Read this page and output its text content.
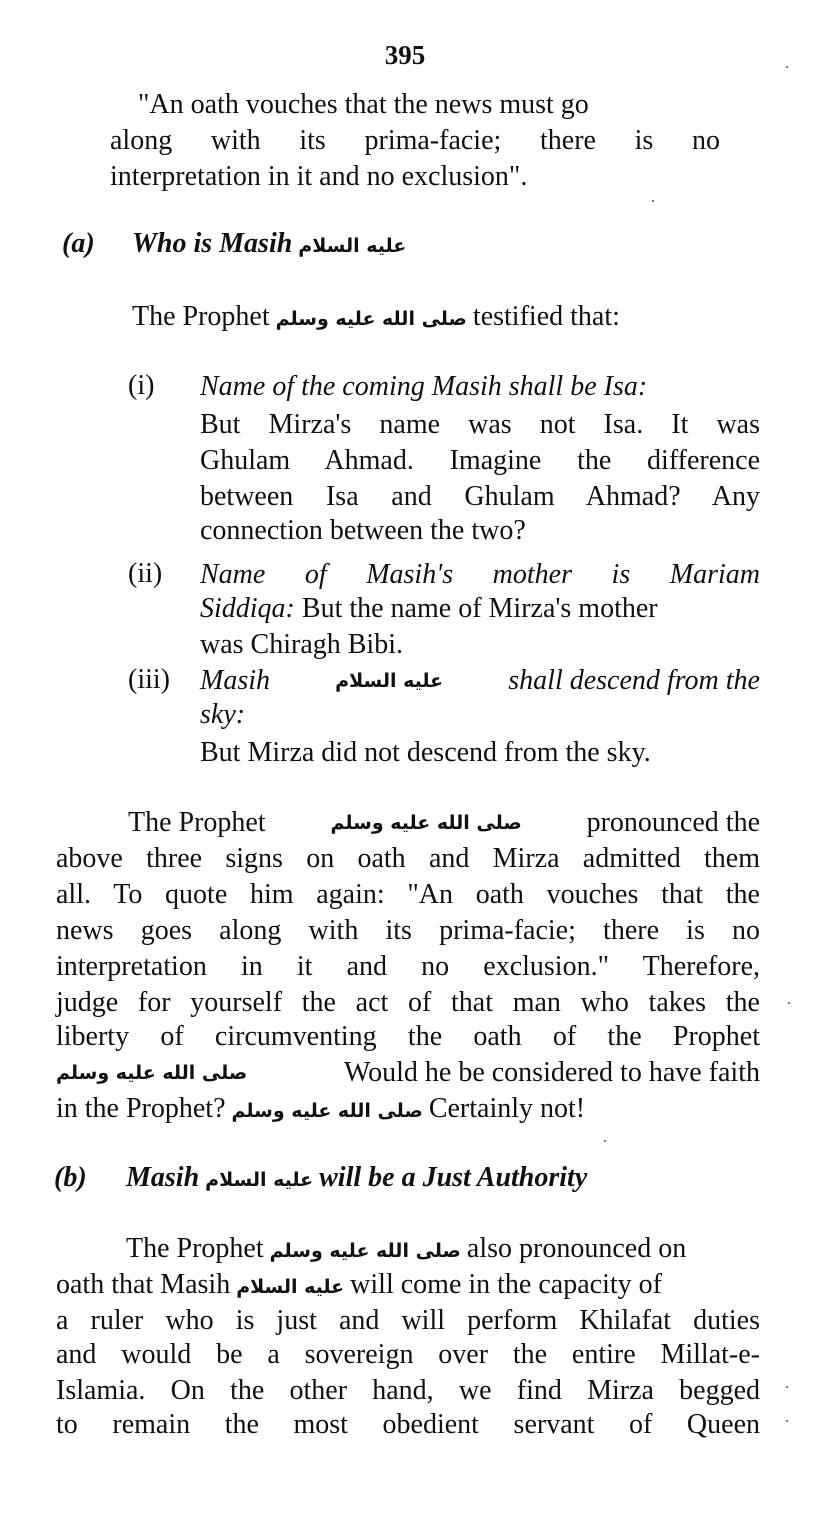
395
"An oath vouches that the news must go
along with its prima-facie; there is no
interpretation in it and no exclusion".
(a) Who is Masih عليه السلام
The Prophet صلى الله عليه وسلم testified that:
(i) Name of the coming Masih shall be Isa:
But Mirza's name was not Isa. It was
Ghulam Ahmad. Imagine the difference
between Isa and Ghulam Ahmad? Any
connection between the two?
(ii) Name of Masih's mother is Mariam
Siddiqa: But the name of Mirza's mother
was Chiragh Bibi.
(iii) Masih	عليه السلام shall descend from the
sky:
But Mirza did not descend from the sky.
The Prophet	صلى الله عليه وسلم pronounced the
above three signs on oath and Mirza admitted them
all. To quote him again: "An oath vouches that the
news goes along with its prima-facie; there is no
interpretation in it and no exclusion." Therefore,
judge for yourself the act of that man who takes the
liberty of circumventing the oath of the Prophet
صلى الله عليه وسلم	Would he be considered to have faith
in the Prophet? صلى الله عليه وسلم Certainly not!
(b) Masih عليه السلام will be a Just Authority
The Prophet صلى الله عليه وسلم also pronounced on
oath that Masih عليه السلام will come in the capacity of
a ruler who is just and will perform Khilafat duties
and would be a sovereign over the entire Millat-e-
Islamia. On the other hand, we find Mirza begged
to remain the most obedient servant of Queen
